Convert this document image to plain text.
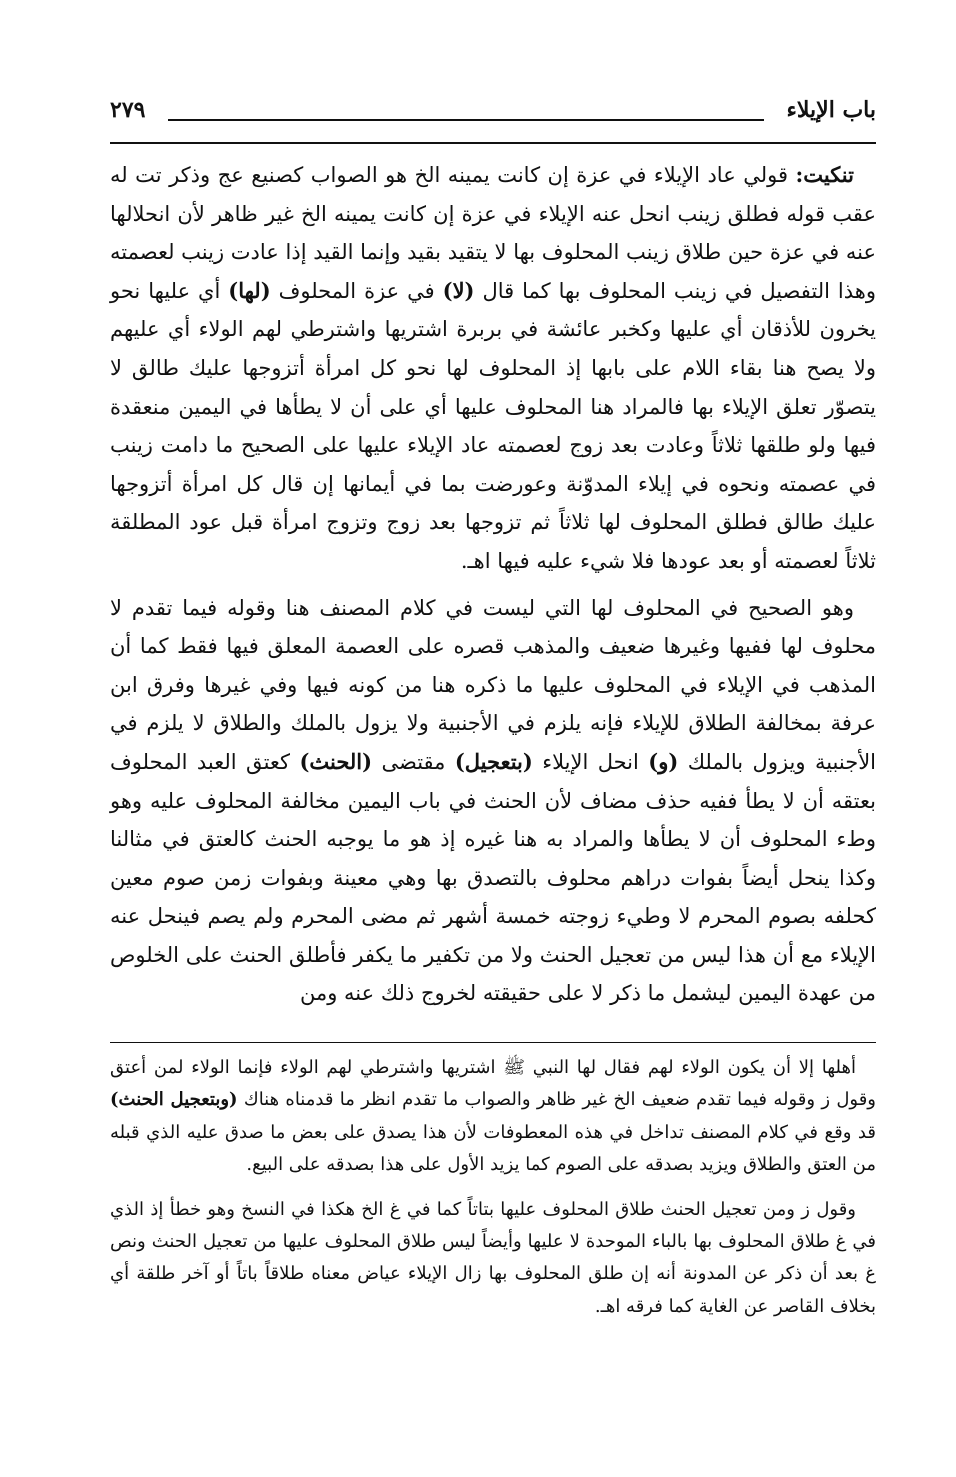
باب الإيلاء
٢٧٩

تنكيت: قولي عاد الإيلاء في عزة إن كانت يمينه الخ هو الصواب كصنيع عج وذكر تت له عقب قوله فطلق زينب انحل عنه الإيلاء في عزة إن كانت يمينه الخ غير ظاهر لأن انحلالها عنه في عزة حين طلاق زينب المحلوف بها لا يتقيد بقيد وإنما القيد إذا عادت زينب لعصمته وهذا التفصيل في زينب المحلوف بها كما قال (لا) في عزة المحلوف (لها) أي عليها نحو يخرون للأذقان أي عليها وكخبر عائشة في بربرة اشتريها واشترطي لهم الولاء أي عليهم ولا يصح هنا بقاء اللام على بابها إذ المحلوف لها نحو كل امرأة أتزوجها عليك طالق لا يتصوّر تعلق الإيلاء بها فالمراد هنا المحلوف عليها أي على أن لا يطأها في اليمين منعقدة فيها ولو طلقها ثلاثاً وعادت بعد زوج لعصمته عاد الإيلاء عليها على الصحيح ما دامت زينب في عصمته ونحوه في إيلاء المدوّنة وعورضت بما في أيمانها إن قال كل امرأة أتزوجها عليك طالق فطلق المحلوف لها ثلاثاً ثم تزوجها بعد زوج وتزوج امرأة قبل عود المطلقة ثلاثاً لعصمته أو بعد عودها فلا شيء عليه فيها اهـ.

وهو الصحيح في المحلوف لها التي ليست في كلام المصنف هنا وقوله فيما تقدم لا محلوف لها ففيها وغيرها ضعيف والمذهب قصره على العصمة المعلق فيها فقط كما أن المذهب في الإيلاء في المحلوف عليها ما ذكره هنا من كونه فيها وفي غيرها وفرق ابن عرفة بمخالفة الطلاق للإيلاء فإنه يلزم في الأجنبية ولا يزول بالملك والطلاق لا يلزم في الأجنبية ويزول بالملك (و) انحل الإيلاء (بتعجيل) مقتضى (الحنث) كعتق العبد المحلوف بعتقه أن لا يطأ ففيه حذف مضاف لأن الحنث في باب اليمين مخالفة المحلوف عليه وهو وطء المحلوف أن لا يطأها والمراد به هنا غيره إذ هو ما يوجبه الحنث كالعتق في مثالنا وكذا ينحل أيضاً بفوات دراهم محلوف بالتصدق بها وهي معينة وبفوات زمن صوم معين كحلفه بصوم المحرم لا وطيء زوجته خمسة أشهر ثم مضى المحرم ولم يصم فينحل عنه الإيلاء مع أن هذا ليس من تعجيل الحنث ولا من تكفير ما يكفر فأطلق الحنث على الخلوص من عهدة اليمين ليشمل ما ذكر لا على حقيقته لخروج ذلك عنه ومن

أهلها إلا أن يكون الولاء لهم فقال لها النبي ﷺ اشتريها واشترطي لهم الولاء فإنما الولاء لمن أعتق وقول ز وقوله فيما تقدم ضعيف الخ غير ظاهر والصواب ما تقدم انظر ما قدمناه هناك (وبتعجيل الحنث) قد وقع في كلام المصنف تداخل في هذه المعطوفات لأن هذا يصدق على بعض ما صدق عليه الذي قبله من العتق والطلاق ويزيد بصدقه على الصوم كما يزيد الأول على هذا بصدقه على البيع.

وقول ز ومن تعجيل الحنث طلاق المحلوف عليها بتاتاً كما في غ الخ هكذا في النسخ وهو خطأ إذ الذي في غ طلاق المحلوف بها بالباء الموحدة لا عليها وأيضاً ليس طلاق المحلوف عليها من تعجيل الحنث ونص غ بعد أن ذكر عن المدونة أنه إن طلق المحلوف بها زال الإيلاء عياض معناه طلاقاً باتاً أو آخر طلقة أي بخلاف القاصر عن الغاية كما فرقه اهـ.
